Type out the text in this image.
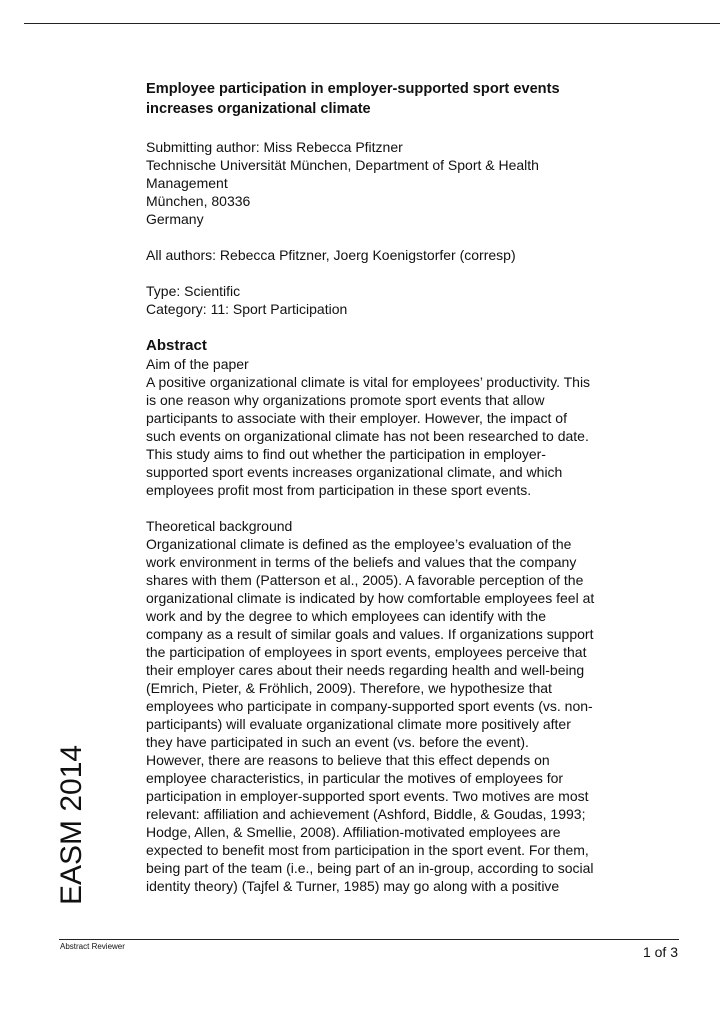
Employee participation in employer-supported sport events
increases organizational climate
Submitting author: Miss Rebecca Pfitzner
Technische Universität München, Department of Sport & Health
Management
München, 80336
Germany
All authors: Rebecca Pfitzner, Joerg Koenigstorfer (corresp)
Type: Scientific
Category: 11: Sport Participation
Abstract
Aim of the paper
A positive organizational climate is vital for employees’ productivity. This
is one reason why organizations promote sport events that allow
participants to associate with their employer. However, the impact of
such events on organizational climate has not been researched to date.
This study aims to find out whether the participation in employer-
supported sport events increases organizational climate, and which
employees profit most from participation in these sport events.
Theoretical background
Organizational climate is defined as the employee’s evaluation of the
work environment in terms of the beliefs and values that the company
shares with them (Patterson et al., 2005). A favorable perception of the
organizational climate is indicated by how comfortable employees feel at
work and by the degree to which employees can identify with the
company as a result of similar goals and values. If organizations support
the participation of employees in sport events, employees perceive that
their employer cares about their needs regarding health and well-being
(Emrich, Pieter, & Fröhlich, 2009). Therefore, we hypothesize that
employees who participate in company-supported sport events (vs. non-
participants) will evaluate organizational climate more positively after
they have participated in such an event (vs. before the event).
However, there are reasons to believe that this effect depends on
employee characteristics, in particular the motives of employees for
participation in employer-supported sport events. Two motives are most
relevant: affiliation and achievement (Ashford, Biddle, & Goudas, 1993;
Hodge, Allen, & Smellie, 2008). Affiliation-motivated employees are
expected to benefit most from participation in the sport event. For them,
being part of the team (i.e., being part of an in-group, according to social
identity theory) (Tajfel & Turner, 1985) may go along with a positive
EASM 2014
Abstract Reviewer	1 of 3
